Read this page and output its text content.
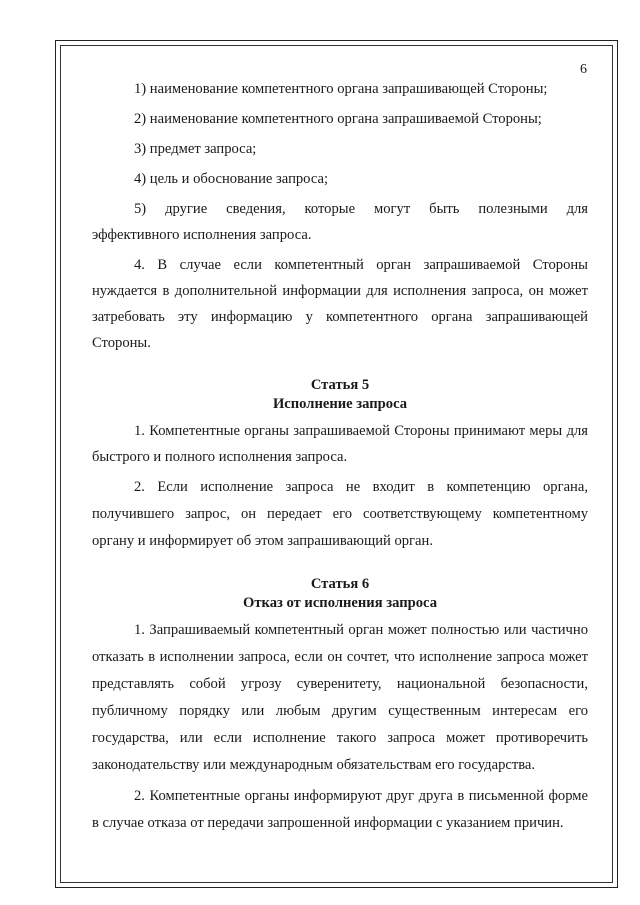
6

1) наименование компетентного органа запрашивающей Стороны;

2) наименование компетентного органа запрашиваемой Стороны;

3) предмет запроса;

4) цель и обоснование запроса;

5) другие сведения, которые могут быть полезными для

эффективного исполнения запроса.

4. В случае если компетентный орган запрашиваемой Стороны нуждается в дополнительной информации для исполнения запроса, он может затребовать эту информацию у компетентного органа запрашивающей Стороны.

Статья 5

Исполнение запроса

1. Компетентные органы запрашиваемой Стороны принимают меры для быстрого и полного исполнения запроса.

2. Если исполнение запроса не входит в компетенцию органа, получившего запрос, он передает его соответствующему компетентному органу и информирует об этом запрашивающий орган.

Статья 6

Отказ от исполнения запроса

1. Запрашиваемый компетентный орган может полностью или частично отказать в исполнении запроса, если он сочтет, что исполнение запроса может представлять собой угрозу суверенитету, национальной безопасности, публичному порядку или любым другим существенным интересам его государства, или если исполнение такого запроса может противоречить законодательству или международным обязательствам его государства.

2. Компетентные органы информируют друг друга в письменной форме в случае отказа от передачи запрошенной информации с указанием причин.
